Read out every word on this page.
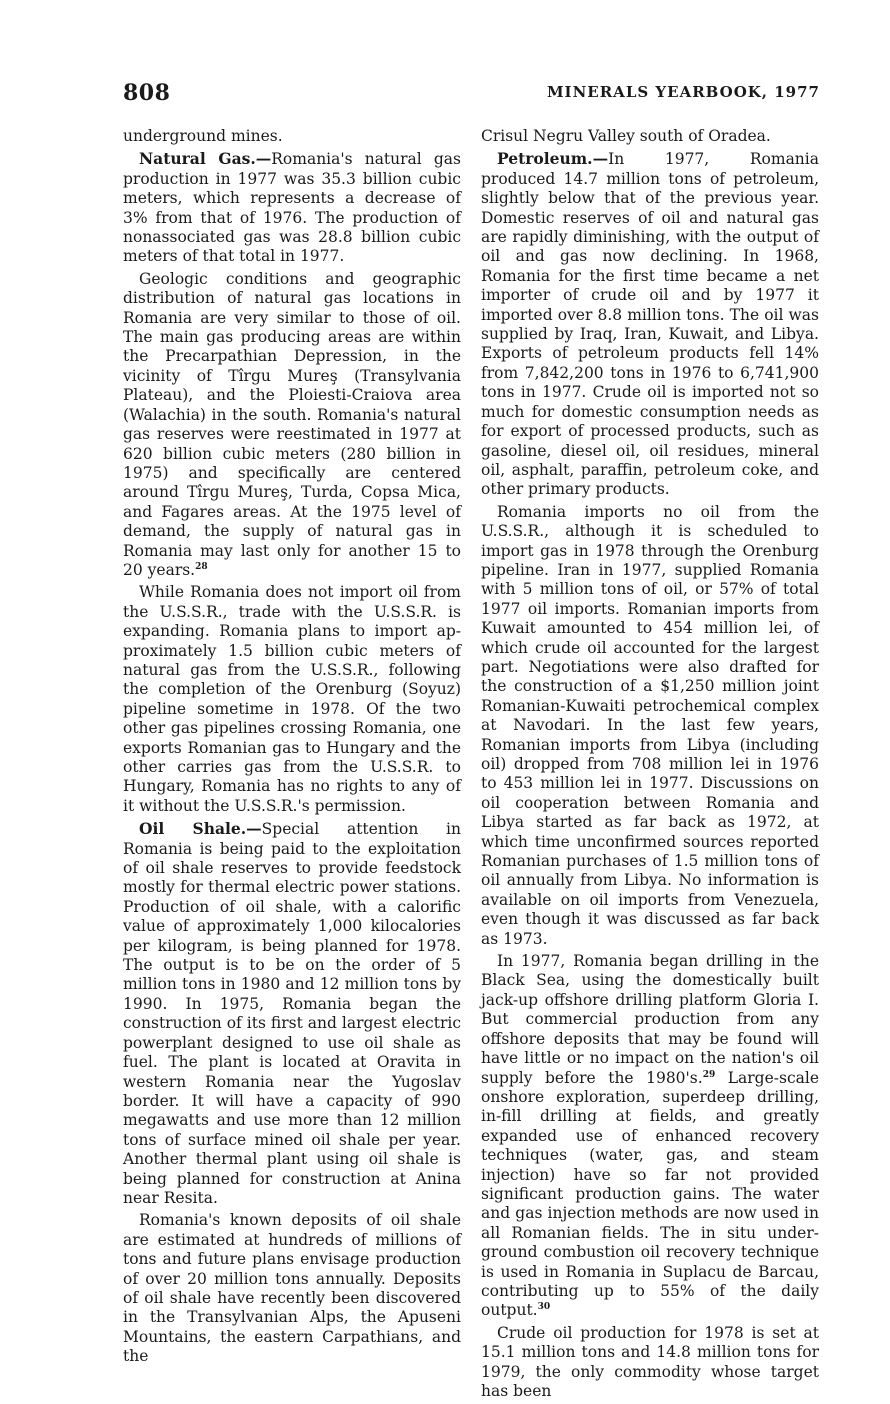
808	MINERALS YEARBOOK, 1977

underground mines.

Natural Gas.—Romania's natural gas production in 1977 was 35.3 billion cubic meters, which represents a decrease of 3% from that of 1976. The production of nonassociated gas was 28.8 billion cubic meters of that total in 1977.

Geologic conditions and geographic distribution of natural gas locations in Romania are very similar to those of oil. The main gas producing areas are within the Precarpathian Depression, in the vicinity of Tîrgu Mureş (Transylvania Plateau), and the Ploiesti-Craiova area (Walachia) in the south. Romania's natural gas reserves were reestimated in 1977 at 620 billion cubic meters (280 billion in 1975) and specifically are centered around Tîrgu Mureş, Turda, Copsa Mica, and Fagares areas. At the 1975 level of demand, the supply of natural gas in Romania may last only for another 15 to 20 years.$^{28}$

While Romania does not import oil from the U.S.S.R., trade with the U.S.S.R. is expanding. Romania plans to import approximately 1.5 billion cubic meters of natural gas from the U.S.S.R., following the completion of the Orenburg (Soyuz) pipeline sometime in 1978. Of the two other gas pipelines crossing Romania, one exports Romanian gas to Hungary and the other carries gas from the U.S.S.R. to Hungary, Romania has no rights to any of it without the U.S.S.R.'s permission.

Oil Shale.—Special attention in Romania is being paid to the exploitation of oil shale reserves to provide feedstock mostly for thermal electric power stations. Production of oil shale, with a calorific value of approximately 1,000 kilocalories per kilogram, is being planned for 1978. The output is to be on the order of 5 million tons in 1980 and 12 million tons by 1990. In 1975, Romania began the construction of its first and largest electric powerplant designed to use oil shale as fuel. The plant is located at Oravita in western Romania near the Yugoslav border. It will have a capacity of 990 megawatts and use more than 12 million tons of surface mined oil shale per year. Another thermal plant using oil shale is being planned for construction at Anina near Resita.

Romania's known deposits of oil shale are estimated at hundreds of millions of tons and future plans envisage production of over 20 million tons annually. Deposits of oil shale have recently been discovered in the Transylvanian Alps, the Apuseni Mountains, the eastern Carpathians, and the

Crisul Negru Valley south of Oradea.

Petroleum.—In 1977, Romania produced 14.7 million tons of petroleum, slightly below that of the previous year. Domestic reserves of oil and natural gas are rapidly diminishing, with the output of oil and gas now declining. In 1968, Romania for the first time became a net importer of crude oil and by 1977 it imported over 8.8 million tons. The oil was supplied by Iraq, Iran, Kuwait, and Libya. Exports of petroleum products fell 14% from 7,842,200 tons in 1976 to 6,741,900 tons in 1977. Crude oil is imported not so much for domestic consumption needs as for export of processed products, such as gasoline, diesel oil, oil residues, mineral oil, asphalt, paraffin, petroleum coke, and other primary products.

Romania imports no oil from the U.S.S.R., although it is scheduled to import gas in 1978 through the Orenburg pipeline. Iran in 1977, supplied Romania with 5 million tons of oil, or 57% of total 1977 oil imports. Romanian imports from Kuwait amounted to 454 million lei, of which crude oil accounted for the largest part. Negotiations were also drafted for the construction of a $1,250 million joint Romanian-Kuwaiti petrochemical complex at Navodari. In the last few years, Romanian imports from Libya (including oil) dropped from 708 million lei in 1976 to 453 million lei in 1977. Discussions on oil cooperation between Romania and Libya started as far back as 1972, at which time unconfirmed sources reported Romanian purchases of 1.5 million tons of oil annually from Libya. No information is available on oil imports from Venezuela, even though it was discussed as far back as 1973.

In 1977, Romania began drilling in the Black Sea, using the domestically built jack-up offshore drilling platform Gloria I. But commercial production from any offshore deposits that may be found will have little or no impact on the nation's oil supply before the 1980's.$^{29}$ Large-scale onshore exploration, superdeep drilling, in-fill drilling at fields, and greatly expanded use of enhanced recovery techniques (water, gas, and steam injection) have so far not provided significant production gains. The water and gas injection methods are now used in all Romanian fields. The in situ underground combustion oil recovery technique is used in Romania in Suplacu de Barcau, contributing up to 55% of the daily output.$^{30}$

Crude oil production for 1978 is set at 15.1 million tons and 14.8 million tons for 1979, the only commodity whose target has been
